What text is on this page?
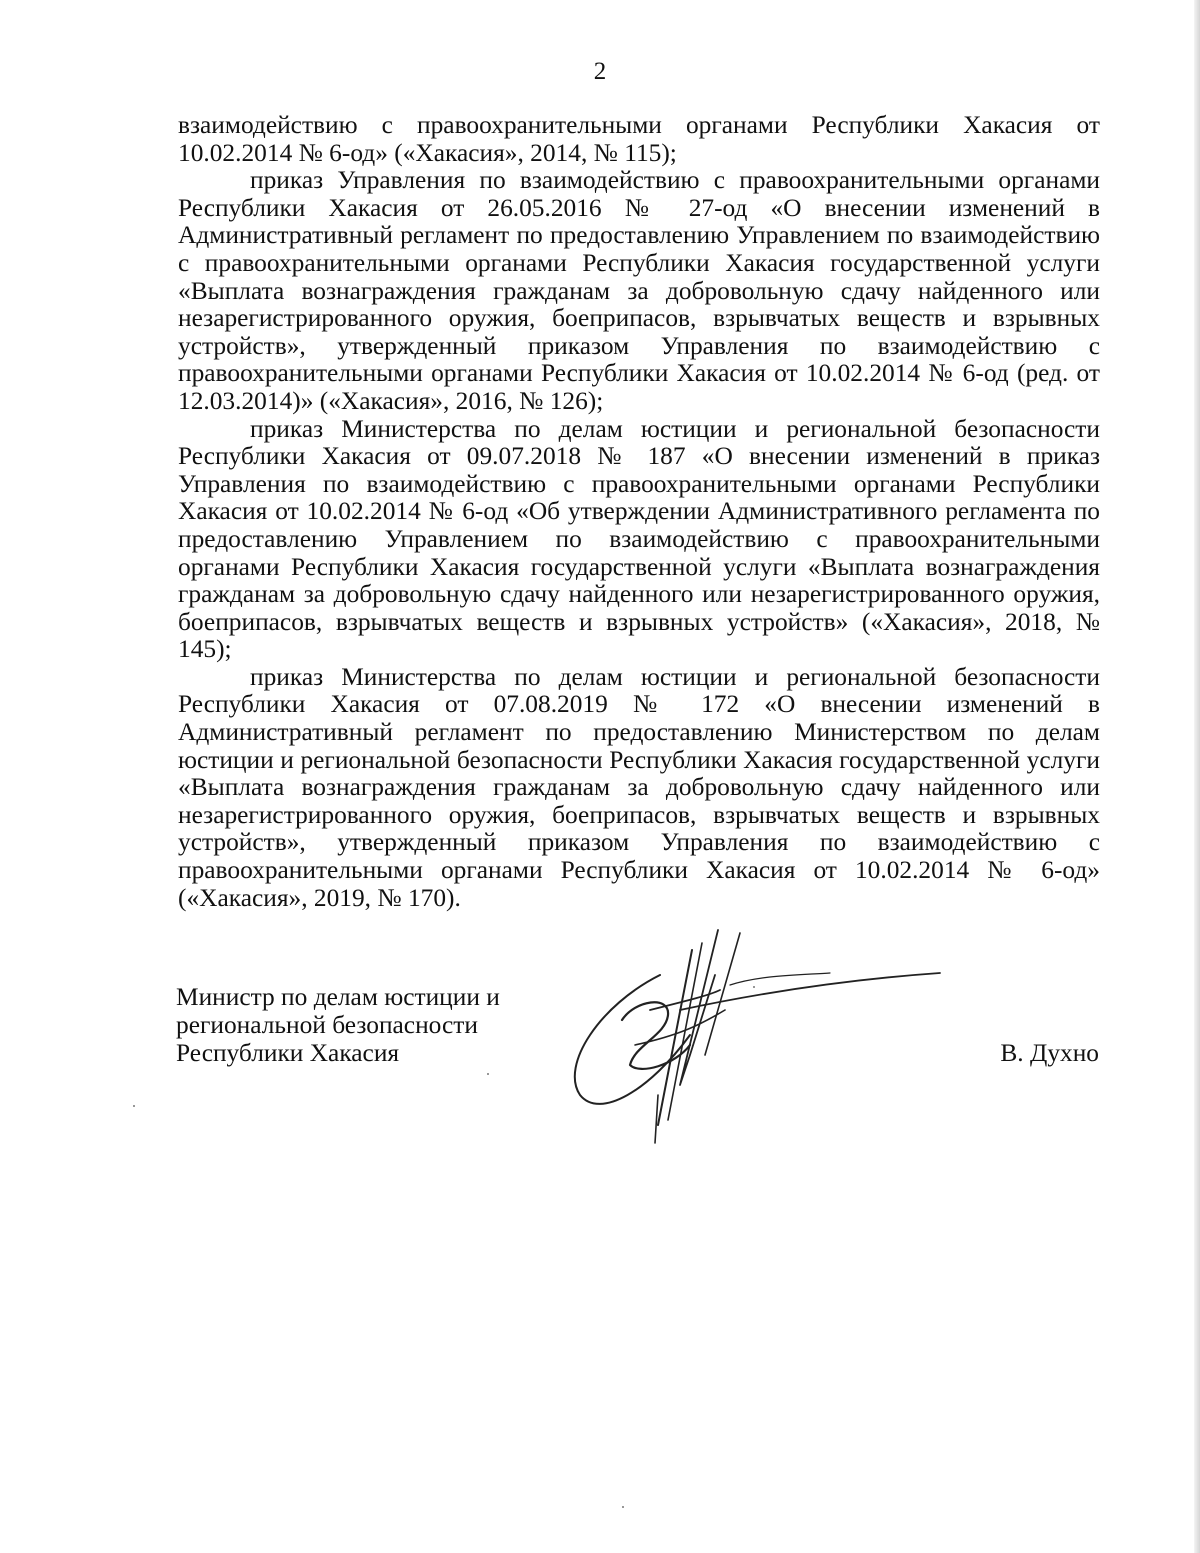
2

взаимодействию с правоохранительными органами Республики Хакасия от 10.02.2014 № 6-од» («Хакасия», 2014, № 115);

приказ Управления по взаимодействию с правоохранительными органами Республики Хакасия от 26.05.2016 № 27-од «О внесении изменений в Административный регламент по предоставлению Управлением по взаимодействию с правоохранительными органами Республики Хакасия государственной услуги «Выплата вознаграждения гражданам за добровольную сдачу найденного или незарегистрированного оружия, боеприпасов, взрывчатых веществ и взрывных устройств», утвержденный приказом Управления по взаимодействию с правоохранительными органами Республики Хакасия от 10.02.2014 № 6-од (ред. от 12.03.2014)» («Хакасия», 2016, № 126);

приказ Министерства по делам юстиции и региональной безопасности Республики Хакасия от 09.07.2018 № 187 «О внесении изменений в приказ Управления по взаимодействию с правоохранительными органами Республики Хакасия от 10.02.2014 № 6-од «Об утверждении Административного регламента по предоставлению Управлением по взаимодействию с правоохранительными органами Республики Хакасия государственной услуги «Выплата вознаграждения гражданам за добровольную сдачу найденного или незарегистрированного оружия, боеприпасов, взрывчатых веществ и взрывных устройств» («Хакасия», 2018, № 145);

приказ Министерства по делам юстиции и региональной безопасности Республики Хакасия от 07.08.2019 № 172 «О внесении изменений в Административный регламент по предоставлению Министерством по делам юстиции и региональной безопасности Республики Хакасия государственной услуги «Выплата вознаграждения гражданам за добровольную сдачу найденного или незарегистрированного оружия, боеприпасов, взрывчатых веществ и взрывных устройств», утвержденный приказом Управления по взаимодействию с правоохранительными органами Республики Хакасия от 10.02.2014 № 6-од» («Хакасия», 2019, № 170).

Министр по делам юстиции и
региональной безопасности
Республики Хакасия	В. Духно
